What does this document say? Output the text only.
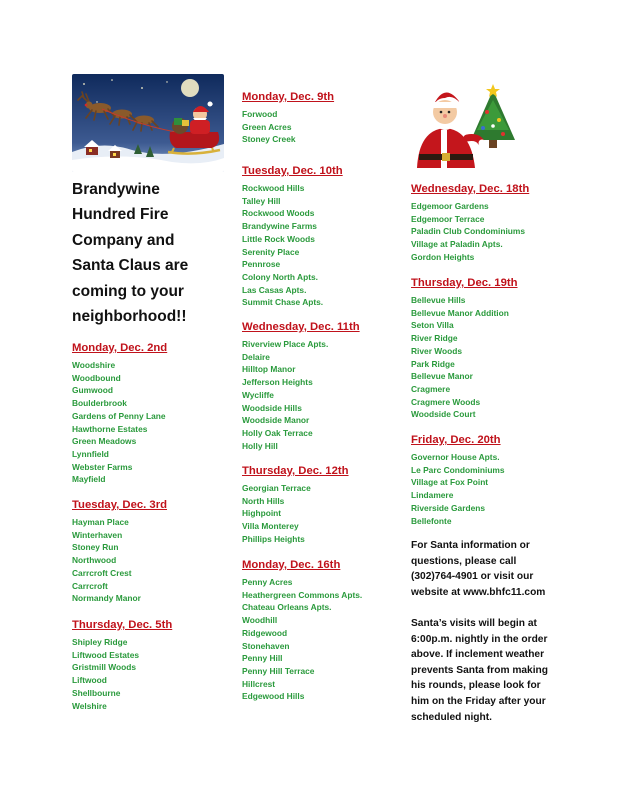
Brandywine
Hundred Fire
Company and
Santa Claus are
coming to your
neighborhood!!
Monday, Dec. 2nd
Woodshire
Woodbound
Gumwood
Boulderbrook
Gardens of Penny Lane
Hawthorne Estates
Green Meadows
Lynnfield
Webster Farms
Mayfield
Tuesday, Dec. 3rd
Hayman Place
Winterhaven
Stoney Run
Northwood
Carrcroft Crest
Carrcroft
Normandy Manor
Thursday, Dec. 5th
Shipley Ridge
Liftwood Estates
Gristmill Woods
Liftwood
Shellbourne
Welshire
Monday, Dec. 9th
Forwood
Green Acres
Stoney Creek
Tuesday, Dec. 10th
Rockwood Hills
Talley Hill
Rockwood Woods
Brandywine Farms
Little Rock Woods
Serenity Place
Pennrose
Colony North Apts.
Las Casas Apts.
Summit Chase Apts.
Wednesday, Dec. 11th
Riverview Place Apts.
Delaire
Hilltop Manor
Jefferson Heights
Wycliffe
Woodside Hills
Woodside Manor
Holly Oak Terrace
Holly Hill
Thursday, Dec. 12th
Georgian Terrace
North Hills
Highpoint
Villa Monterey
Phillips Heights
Monday, Dec. 16th
Penny Acres
Heathergreen Commons Apts.
Chateau Orleans Apts.
Woodhill
Ridgewood
Stonehaven
Penny Hill
Penny Hill Terrace
Hillcrest
Edgewood Hills
Wednesday, Dec. 18th
Edgemoor Gardens
Edgemoor Terrace
Paladin Club Condominiums
Village at Paladin Apts.
Gordon Heights
Thursday, Dec. 19th
Bellevue Hills
Bellevue Manor Addition
Seton Villa
River Ridge
River Woods
Park Ridge
Bellevue Manor
Cragmere
Cragmere Woods
Woodside Court
Friday, Dec. 20th
Governor House Apts.
Le Parc Condominiums
Village at Fox Point
Lindamere
Riverside Gardens
Bellefonte
For Santa information or
questions, please call
(302)764-4901 or visit our
website at www.bhfc11.com
Santa’s visits will begin at
6:00p.m. nightly in the order
above. If inclement weather
prevents Santa from making
his rounds, please look for
him on the Friday after your
scheduled night.
